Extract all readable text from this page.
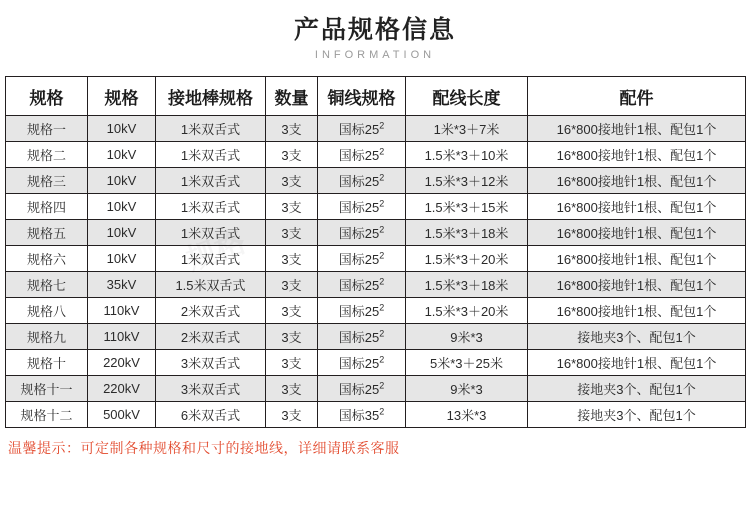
产品规格信息
INFORMATION
规格	规格	接地棒规格	数量	铜线规格	配线长度	配件
规格一	10kV	1米双舌式	3支	国标$25^2$	1米*3＋7米	16*800接地针1根、配包1个
规格二	10kV	1米双舌式	3支	国标$25^2$	1.5米*3＋10米	16*800接地针1根、配包1个
规格三	10kV	1米双舌式	3支	国标$25^2$	1.5米*3＋12米	16*800接地针1根、配包1个
规格四	10kV	1米双舌式	3支	国标$25^2$	1.5米*3＋15米	16*800接地针1根、配包1个
规格五	10kV	1米双舌式	3支	国标$25^2$	1.5米*3＋18米	16*800接地针1根、配包1个
规格六	10kV	1米双舌式	3支	国标$25^2$	1.5米*3＋20米	16*800接地针1根、配包1个
规格七	35kV	1.5米双舌式	3支	国标$25^2$	1.5米*3＋18米	16*800接地针1根、配包1个
规格八	110kV	2米双舌式	3支	国标$25^2$	1.5米*3＋20米	16*800接地针1根、配包1个
规格九	110kV	2米双舌式	3支	国标$25^2$	9米*3	接地夹3个、配包1个
规格十	220kV	3米双舌式	3支	国标$25^2$	5米*3＋25米	16*800接地针1根、配包1个
规格十一	220kV	3米双舌式	3支	国标$25^2$	9米*3	接地夹3个、配包1个
规格十二	500kV	6米双舌式	3支	国标$35^2$	13米*3	接地夹3个、配包1个
温馨提示：可定制各种规格和尺寸的接地线，详细请联系客服
